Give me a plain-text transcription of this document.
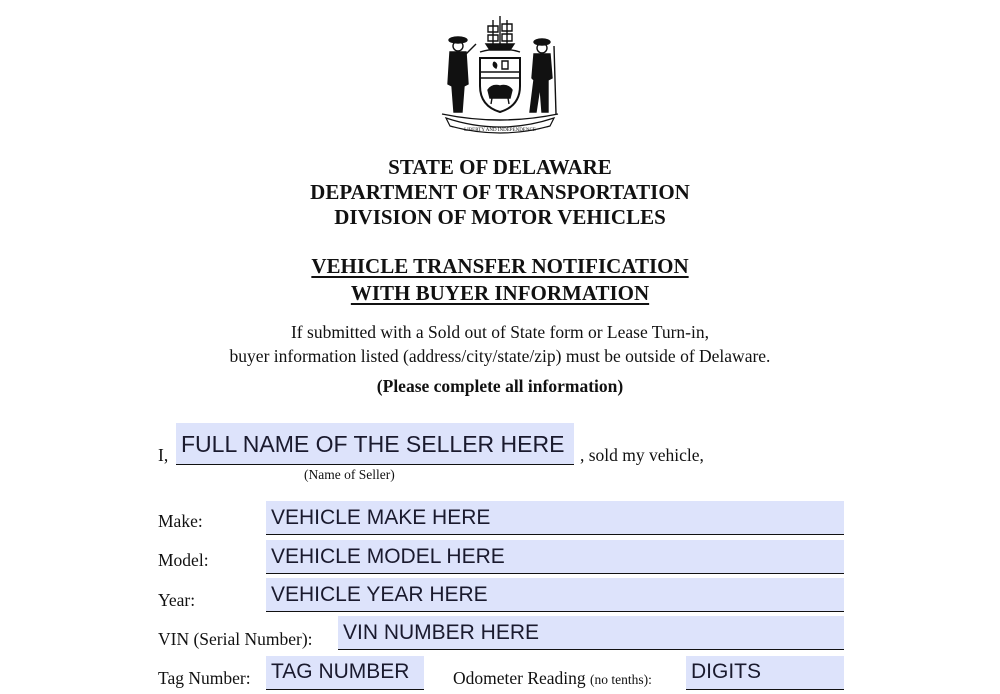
LIBERTY AND INDEPENDENCE
STATE OF DELAWARE
DEPARTMENT OF TRANSPORTATION
DIVISION OF MOTOR VEHICLES
VEHICLE TRANSFER NOTIFICATION
WITH BUYER INFORMATION
If submitted with a Sold out of State form or Lease Turn-in,
buyer information listed (address/city/state/zip) must be outside of Delaware.
(Please complete all information)
I, FULL NAME OF THE SELLER HERE , sold my vehicle,
(Name of Seller)
Make:	VEHICLE MAKE HERE
Model:	VEHICLE MODEL HERE
Year:	VEHICLE YEAR HERE
VIN (Serial Number): VIN NUMBER HERE
Tag Number: TAG NUMBER	Odometer Reading (no tenths): DIGITS
